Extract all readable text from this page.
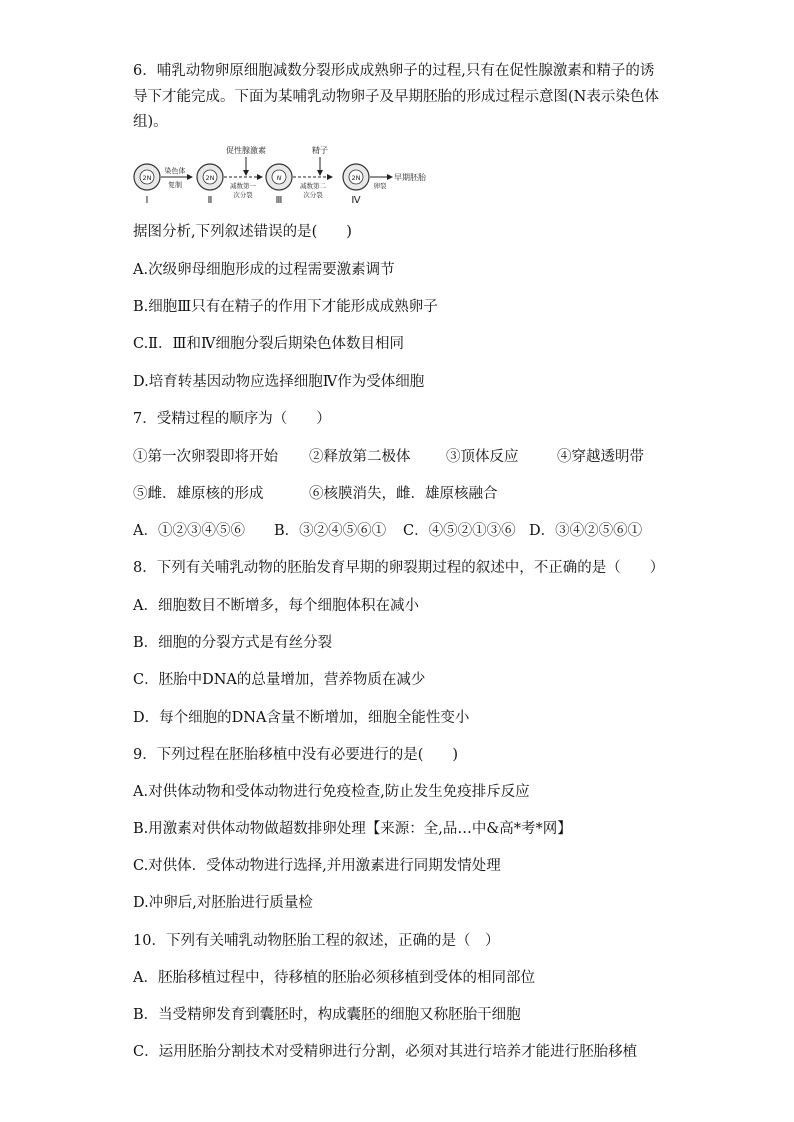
6．哺乳动物卵原细胞减数分裂形成成熟卵子的过程,只有在促性腺激素和精子的诱
导下才能完成。下面为某哺乳动物卵子及早期胚胎的形成过程示意图(N表示染色体
组)。
2N
Ⅰ
染色体
复制
2N
Ⅱ
促性腺激素
减数第一
次分裂
N
Ⅲ
精子
减数第二
次分裂
2N
Ⅳ
卵裂
早期胚胎
据图分析,下列叙述错误的是(　　)
A.次级卵母细胞形成的过程需要激素调节
B.细胞Ⅲ只有在精子的作用下才能形成成熟卵子
C.Ⅱ．Ⅲ和Ⅳ细胞分裂后期染色体数目相同
D.培育转基因动物应选择细胞Ⅳ作为受体细胞
7．受精过程的顺序为（　　）
①第一次卵裂即将开始 ②释放第二极体 ③顶体反应	④穿越透明带
⑤雌．雄原核的形成	⑥核膜消失，雌．雄原核融合
A．①②③④⑤⑥ B．③②④⑤⑥① C．④⑤②①③⑥ D．③④②⑤⑥①
8．下列有关哺乳动物的胚胎发育早期的卵裂期过程的叙述中，不正确的是（　　）
A．细胞数目不断增多，每个细胞体积在减小
B．细胞的分裂方式是有丝分裂
C．胚胎中DNA的总量增加，营养物质在减少
D．每个细胞的DNA含量不断增加，细胞全能性变小
9．下列过程在胚胎移植中没有必要进行的是(　　)
A.对供体动物和受体动物进行免疫检查,防止发生免疫排斥反应
B.用激素对供体动物做超数排卵处理【来源：全,品…中&高*考*网】
C.对供体．受体动物进行选择,并用激素进行同期发情处理
D.冲卵后,对胚胎进行质量检
10．下列有关哺乳动物胚胎工程的叙述，正确的是（　）
A．胚胎移植过程中，待移植的胚胎必须移植到受体的相同部位
B．当受精卵发育到囊胚时，构成囊胚的细胞又称胚胎干细胞
C．运用胚胎分割技术对受精卵进行分割，必须对其进行培养才能进行胚胎移植
